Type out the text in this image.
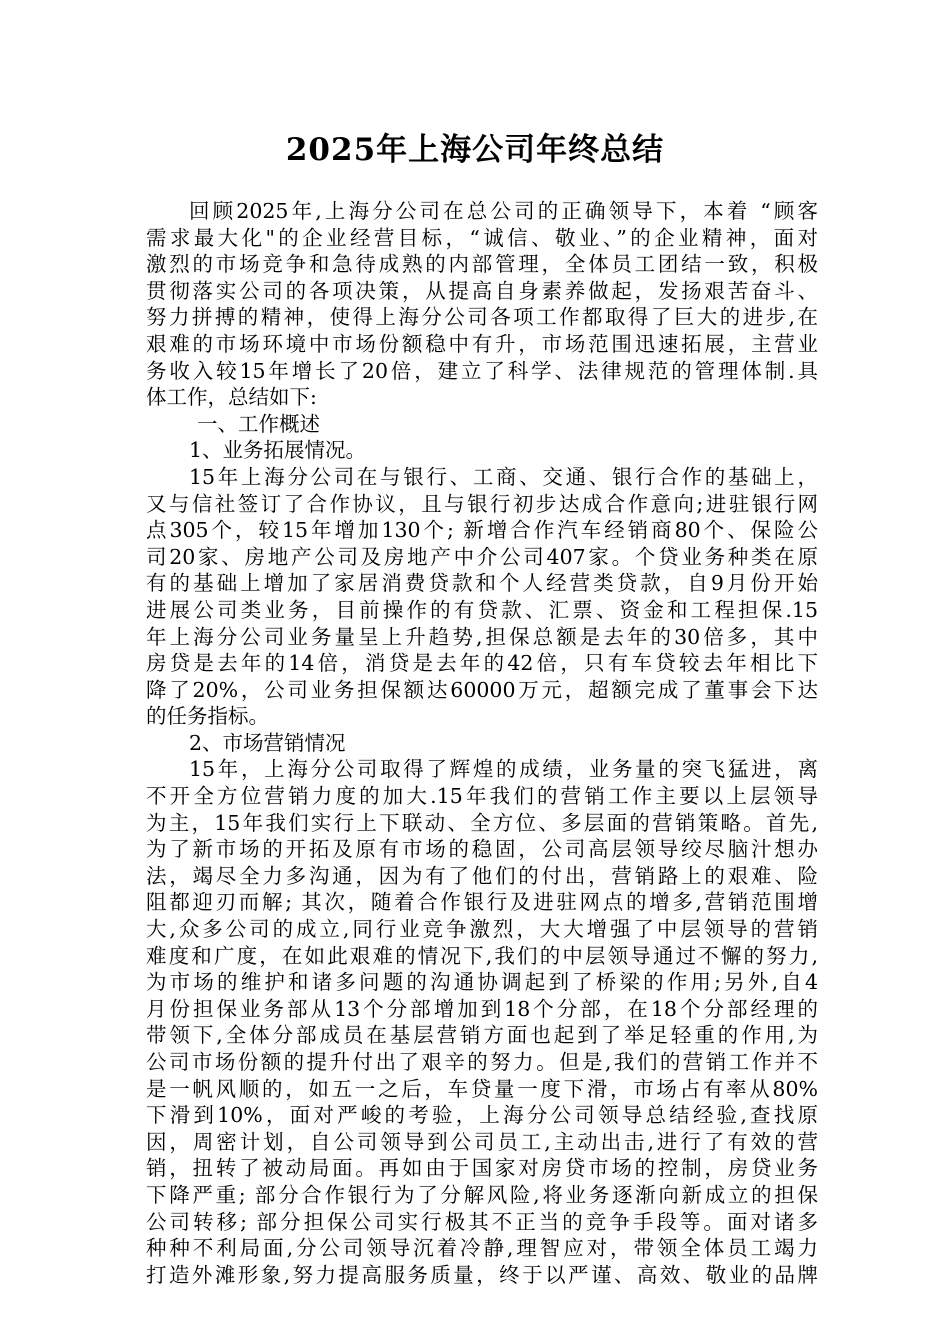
2025年上海公司年终总结
回顾2025年,上海分公司在总公司的正确领导下，本着 “顾客
需求最大化"的企业经营目标，“诚信、敬业、”的企业精神，面对
激烈的市场竞争和急待成熟的内部管理，全体员工团结一致，积极
贯彻落实公司的各项决策，从提高自身素养做起，发扬艰苦奋斗、
努力拼搏的精神，使得上海分公司各项工作都取得了巨大的进步,在
艰难的市场环境中市场份额稳中有升，市场范围迅速拓展，主营业
务收入较15年增长了20倍，建立了科学、法律规范的管理体制.具
体工作，总结如下:
一、工作概述
1、业务拓展情况。
15年上海分公司在与银行、工商、交通、银行合作的基础上，
又与信社签订了合作协议，且与银行初步达成合作意向;进驻银行网
点305个，较15年增加130个; 新增合作汽车经销商80个、保险公
司20家、房地产公司及房地产中介公司407家。个贷业务种类在原
有的基础上增加了家居消费贷款和个人经营类贷款，自9月份开始
进展公司类业务，目前操作的有贷款、汇票、资金和工程担保.15
年上海分公司业务量呈上升趋势,担保总额是去年的30倍多，其中
房贷是去年的14倍，消贷是去年的42倍，只有车贷较去年相比下
降了20%，公司业务担保额达60000万元，超额完成了董事会下达
的任务指标。
2、市场营销情况
15年，上海分公司取得了辉煌的成绩，业务量的突飞猛进，离
不开全方位营销力度的加大.15年我们的营销工作主要以上层领导
为主，15年我们实行上下联动、全方位、多层面的营销策略。首先,
为了新市场的开拓及原有市场的稳固，公司高层领导绞尽脑汁想办
法，竭尽全力多沟通，因为有了他们的付出，营销路上的艰难、险
阻都迎刃而解; 其次，随着合作银行及进驻网点的增多,营销范围增
大,众多公司的成立,同行业竞争激烈，大大增强了中层领导的营销
难度和广度，在如此艰难的情况下,我们的中层领导通过不懈的努力,
为市场的维护和诸多问题的沟通协调起到了桥梁的作用;另外,自4
月份担保业务部从13个分部增加到18个分部，在18个分部经理的
带领下,全体分部成员在基层营销方面也起到了举足轻重的作用,为
公司市场份额的提升付出了艰辛的努力。但是,我们的营销工作并不
是一帆风顺的，如五一之后，车贷量一度下滑，市场占有率从80%
下滑到10%，面对严峻的考验，上海分公司领导总结经验,查找原
因，周密计划，自公司领导到公司员工,主动出击,进行了有效的营
销，扭转了被动局面。再如由于国家对房贷市场的控制，房贷业务
下降严重; 部分合作银行为了分解风险,将业务逐渐向新成立的担保
公司转移; 部分担保公司实行极其不正当的竞争手段等。面对诸多
种种不利局面,分公司领导沉着冷静,理智应对，带领全体员工竭力
打造外滩形象,努力提高服务质量，终于以严谨、高效、敬业的品牌
